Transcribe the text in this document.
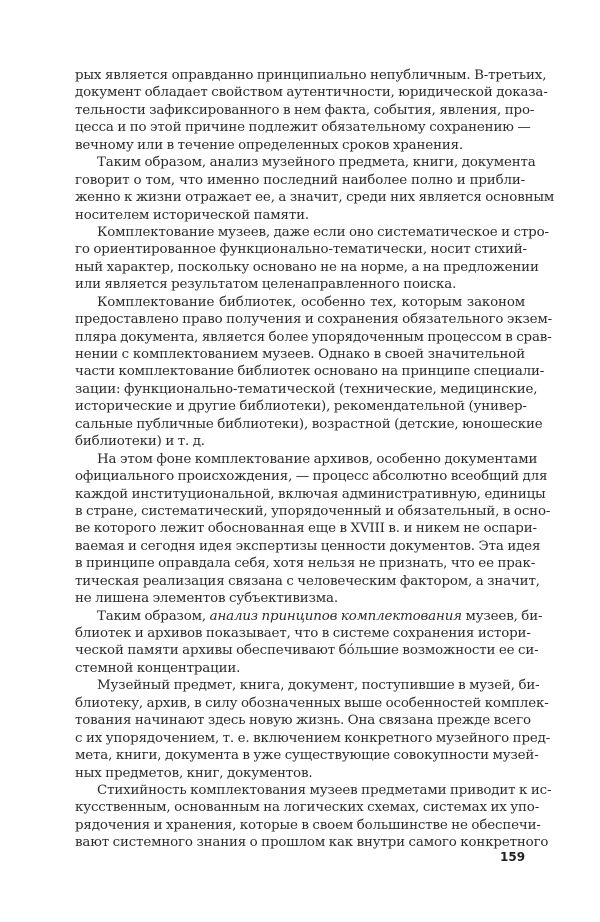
рых является оправданно принципиально непубличным. В-третьих,
документ обладает свойством аутентичности, юридической доказа-
тельности зафиксированного в нем факта, события, явления, про-
цесса и по этой причине подлежит обязательному сохранению —
вечному или в течение определенных сроков хранения.
Таким образом, анализ музейного предмета, книги, документа
говорит о том, что именно последний наиболее полно и прибли-
женно к жизни отражает ее, а значит, среди них является основным
носителем исторической памяти.
Комплектование музеев, даже если оно систематическое и стро-
го ориентированное функционально-тематически, носит стихий-
ный характер, поскольку основано не на норме, а на предложении
или является результатом целенаправленного поиска.
Комплектование библиотек, особенно тех, которым законом
предоставлено право получения и сохранения обязательного экзем-
пляра документа, является более упорядоченным процессом в срав-
нении с комплектованием музеев. Однако в своей значительной
части комплектование библиотек основано на принципе специали-
зации: функционально-тематической (технические, медицинские,
исторические и другие библиотеки), рекомендательной (универ-
сальные публичные библиотеки), возрастной (детские, юношеские
библиотеки) и т. д.
На этом фоне комплектование архивов, особенно документами
официального происхождения, — процесс абсолютно всеобщий для
каждой институциональной, включая административную, единицы
в стране, систематический, упорядоченный и обязательный, в осно-
ве которого лежит обоснованная еще в XVIII в. и никем не оспари-
ваемая и сегодня идея экспертизы ценности документов. Эта идея
в принципе оправдала себя, хотя нельзя не признать, что ее прак-
тическая реализация связана с человеческим фактором, а значит,
не лишена элементов субъективизма.
Таким образом, анализ принципов комплектования музеев, би-
блиотек и архивов показывает, что в системе сохранения истори-
ческой памяти архивы обеспечивают бóльшие возможности ее си-
стемной концентрации.
Музейный предмет, книга, документ, поступившие в музей, би-
блиотеку, архив, в силу обозначенных выше особенностей комплек-
тования начинают здесь новую жизнь. Она связана прежде всего
с их упорядочением, т. е. включением конкретного музейного пред-
мета, книги, документа в уже существующие совокупности музей-
ных предметов, книг, документов.
Стихийность комплектования музеев предметами приводит к ис-
кусственным, основанным на логических схемах, системах их упо-
рядочения и хранения, которые в своем большинстве не обеспечи-
вают системного знания о прошлом как внутри самого конкретного
159
